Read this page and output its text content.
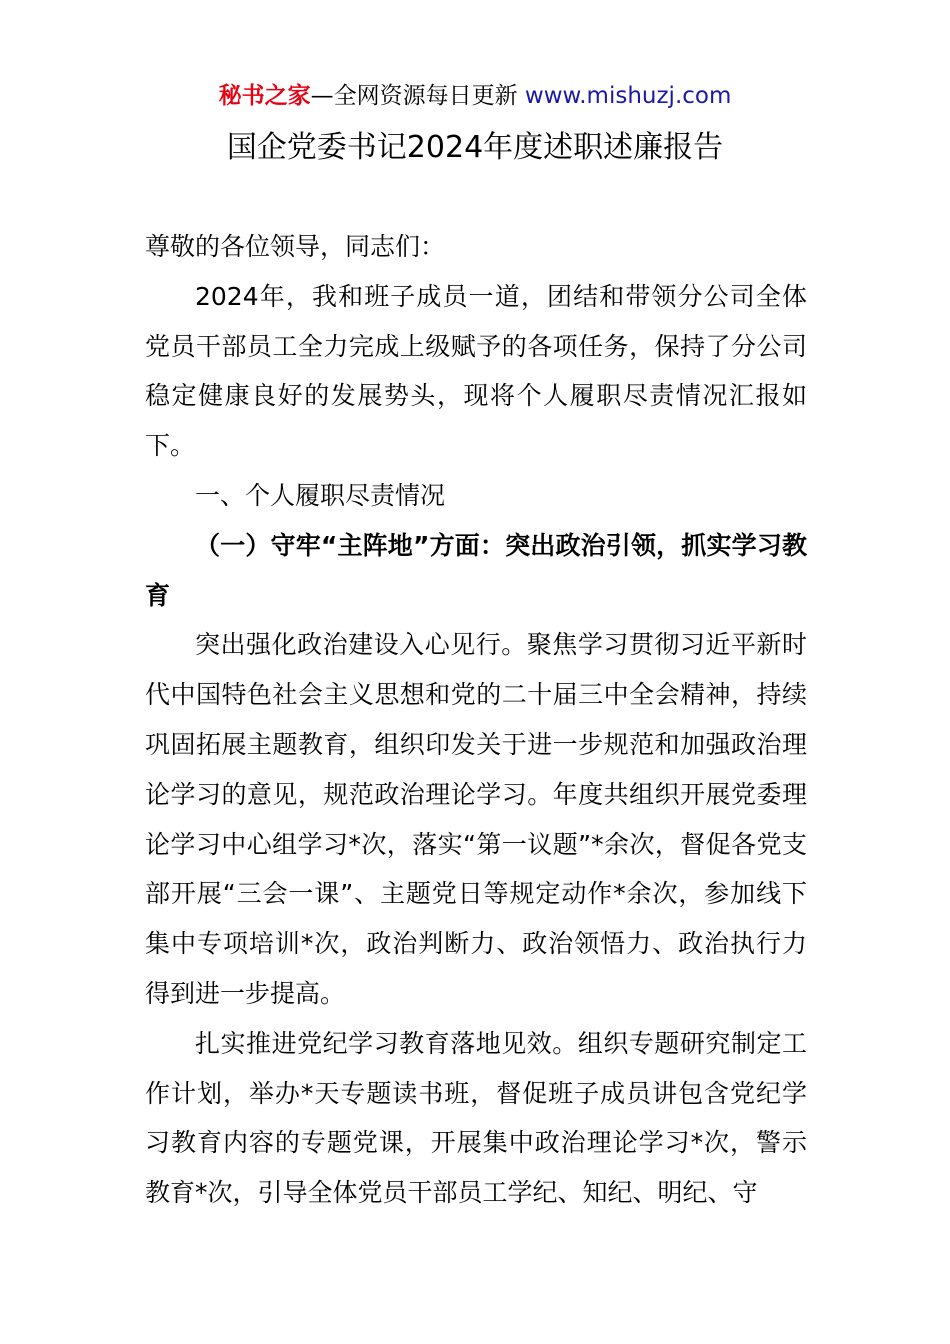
秘书之家—全网资源每日更新 www.mishuzj.com
国企党委书记2024年度述职述廉报告

尊敬的各位领导，同志们：

2024年，我和班子成员一道，团结和带领分公司全体党员干部员工全力完成上级赋予的各项任务，保持了分公司稳定健康良好的发展势头，现将个人履职尽责情况汇报如下。

一、个人履职尽责情况

（一）守牢“主阵地”方面：突出政治引领，抓实学习教育

突出强化政治建设入心见行。聚焦学习贯彻习近平新时代中国特色社会主义思想和党的二十届三中全会精神，持续巩固拓展主题教育，组织印发关于进一步规范和加强政治理论学习的意见，规范政治理论学习。年度共组织开展党委理论学习中心组学习*次，落实“第一议题”*余次，督促各党支部开展“三会一课”、主题党日等规定动作*余次，参加线下集中专项培训*次，政治判断力、政治领悟力、政治执行力得到进一步提高。

扎实推进党纪学习教育落地见效。组织专题研究制定工作计划，举办*天专题读书班，督促班子成员讲包含党纪学习教育内容的专题党课，开展集中政治理论学习*次，警示教育*次，引导全体党员干部员工学纪、知纪、明纪、守
